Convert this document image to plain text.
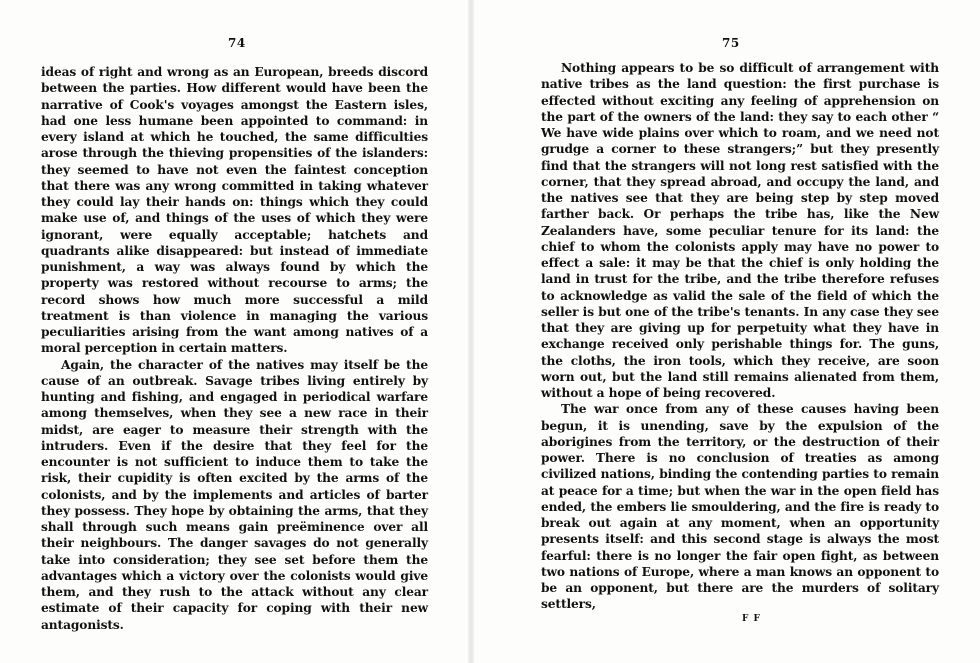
74

ideas of right and wrong as an European, breeds discord between the parties. How different would have been the narrative of Cook's voyages amongst the Eastern isles, had one less humane been appointed to command: in every island at which he touched, the same difficulties arose through the thieving propensities of the islanders: they seemed to have not even the faintest conception that there was any wrong committed in taking whatever they could lay their hands on: things which they could make use of, and things of the uses of which they were ignorant, were equally acceptable; hatchets and quadrants alike disappeared: but instead of immediate punishment, a way was always found by which the property was restored without recourse to arms; the record shows how much more successful a mild treatment is than violence in managing the various peculiarities arising from the want among natives of a moral perception in certain matters.

Again, the character of the natives may itself be the cause of an outbreak. Savage tribes living entirely by hunting and fishing, and engaged in periodical warfare among themselves, when they see a new race in their midst, are eager to measure their strength with the intruders. Even if the desire that they feel for the encounter is not sufficient to induce them to take the risk, their cupidity is often excited by the arms of the colonists, and by the implements and articles of barter they possess. They hope by obtaining the arms, that they shall through such means gain preëminence over all their neighbours. The danger savages do not generally take into consideration; they see set before them the advantages which a victory over the colonists would give them, and they rush to the attack without any clear estimate of their capacity for coping with their new antagonists.

75

Nothing appears to be so difficult of arrangement with native tribes as the land question: the first purchase is effected without exciting any feeling of apprehension on the part of the owners of the land: they say to each other “ We have wide plains over which to roam, and we need not grudge a corner to these strangers;” but they presently find that the strangers will not long rest satisfied with the corner, that they spread abroad, and occupy the land, and the natives see that they are being step by step moved farther back. Or perhaps the tribe has, like the New Zealanders have, some peculiar tenure for its land: the chief to whom the colonists apply may have no power to effect a sale: it may be that the chief is only holding the land in trust for the tribe, and the tribe therefore refuses to acknowledge as valid the sale of the field of which the seller is but one of the tribe's tenants. In any case they see that they are giving up for perpetuity what they have in exchange received only perishable things for. The guns, the cloths, the iron tools, which they receive, are soon worn out, but the land still remains alienated from them, without a hope of being recovered.

The war once from any of these causes having been begun, it is unending, save by the expulsion of the aborigines from the territory, or the destruction of their power. There is no conclusion of treaties as among civilized nations, binding the contending parties to remain at peace for a time; but when the war in the open field has ended, the embers lie smouldering, and the fire is ready to break out again at any moment, when an opportunity presents itself: and this second stage is always the most fearful: there is no longer the fair open fight, as between two nations of Europe, where a man knows an opponent to be an opponent, but there are the murders of solitary settlers,

F F
